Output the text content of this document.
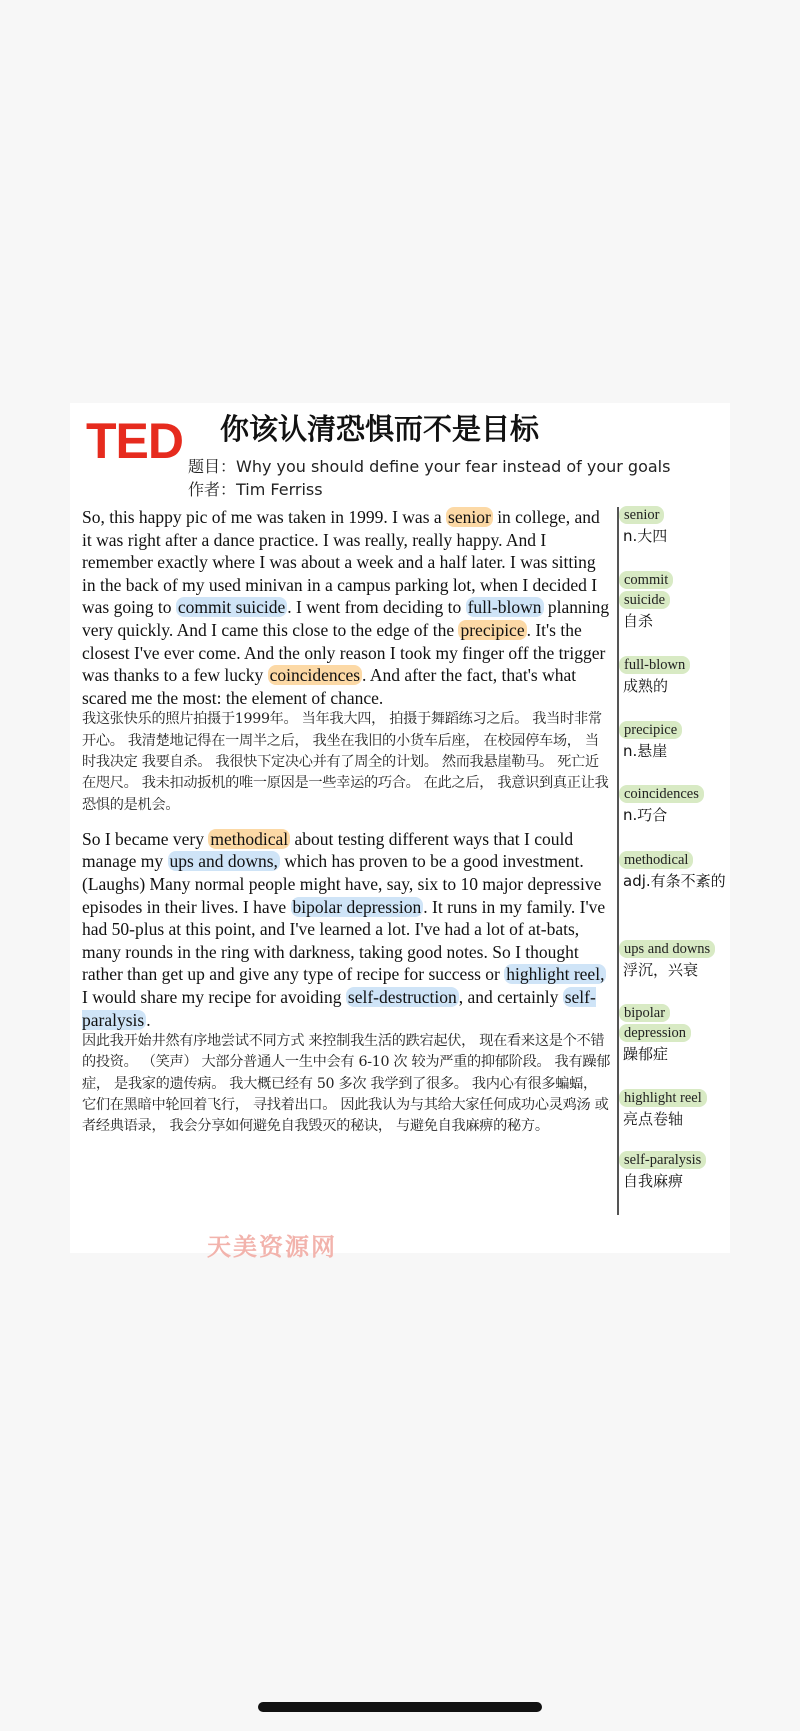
TED 你该认清恐惧而不是目标
题目：Why you should define your fear instead of your goals
作者：Tim Ferriss

So, this happy pic of me was taken in 1999. I was a senior in college, and it was right after a dance practice. I was really, really happy. And I remember exactly where I was about a week and a half later. I was sitting in the back of my used minivan in a campus parking lot, when I decided I was going to commit suicide . I went from deciding to full-blown planning very quickly. And I came this close to the edge of the precipice . It's the closest I've ever come. And the only reason I took my finger off the trigger was thanks to a few lucky coincidences . And after the fact, that's what scared me the most: the element of chance.

我这张快乐的照片拍摄于1999年。 当年我大四， 拍摄于舞蹈练习之后。 我当时非常开心。 我清楚地记得在一周半之后， 我坐在我旧的小货车后座， 在校园停车场， 当时我决定 我要自杀。 我很快下定决心并有了周全的计划。 然而我悬崖勒马。 死亡近在咫尺。 我未扣动扳机的唯一原因是一些幸运的巧合。 在此之后， 我意识到真正让我恐惧的是机会。

So I became very methodical about testing different ways that I could manage my ups and downs, which has proven to be a good investment. (Laughs) Many normal people might have, say, six to 10 major depressive episodes in their lives. I have bipolar depression . It runs in my family. I've had 50-plus at this point, and I've learned a lot. I've had a lot of at-bats, many rounds in the ring with darkness, taking good notes. So I thought rather than get up and give any type of recipe for success or highlight reel, I would share my recipe for avoiding self-destruction , and certainly self-paralysis .

因此我开始井然有序地尝试不同方式 来控制我生活的跌宕起伏， 现在看来这是个不错的投资。 （笑声） 大部分普通人一生中会有 6-10 次 较为严重的抑郁阶段。 我有躁郁症， 是我家的遗传病。 我大概已经有 50 多次 我学到了很多。 我内心有很多蝙蝠， 它们在黑暗中轮回着飞行， 寻找着出口。 因此我认为与其给大家任何成功心灵鸡汤 或者经典语录， 我会分享如何避免自我毁灭的秘诀， 与避免自我麻痹的秘方。

senior
n.大四
commit
suicide
自杀
full-blown
成熟的
precipice
n.悬崖
coincidences
n.巧合
methodical
adj.有条不紊的
ups and downs
浮沉，兴衰
bipolar
depression
躁郁症
highlight reel
亮点卷轴
self-paralysis
自我麻痹
天美资源网
